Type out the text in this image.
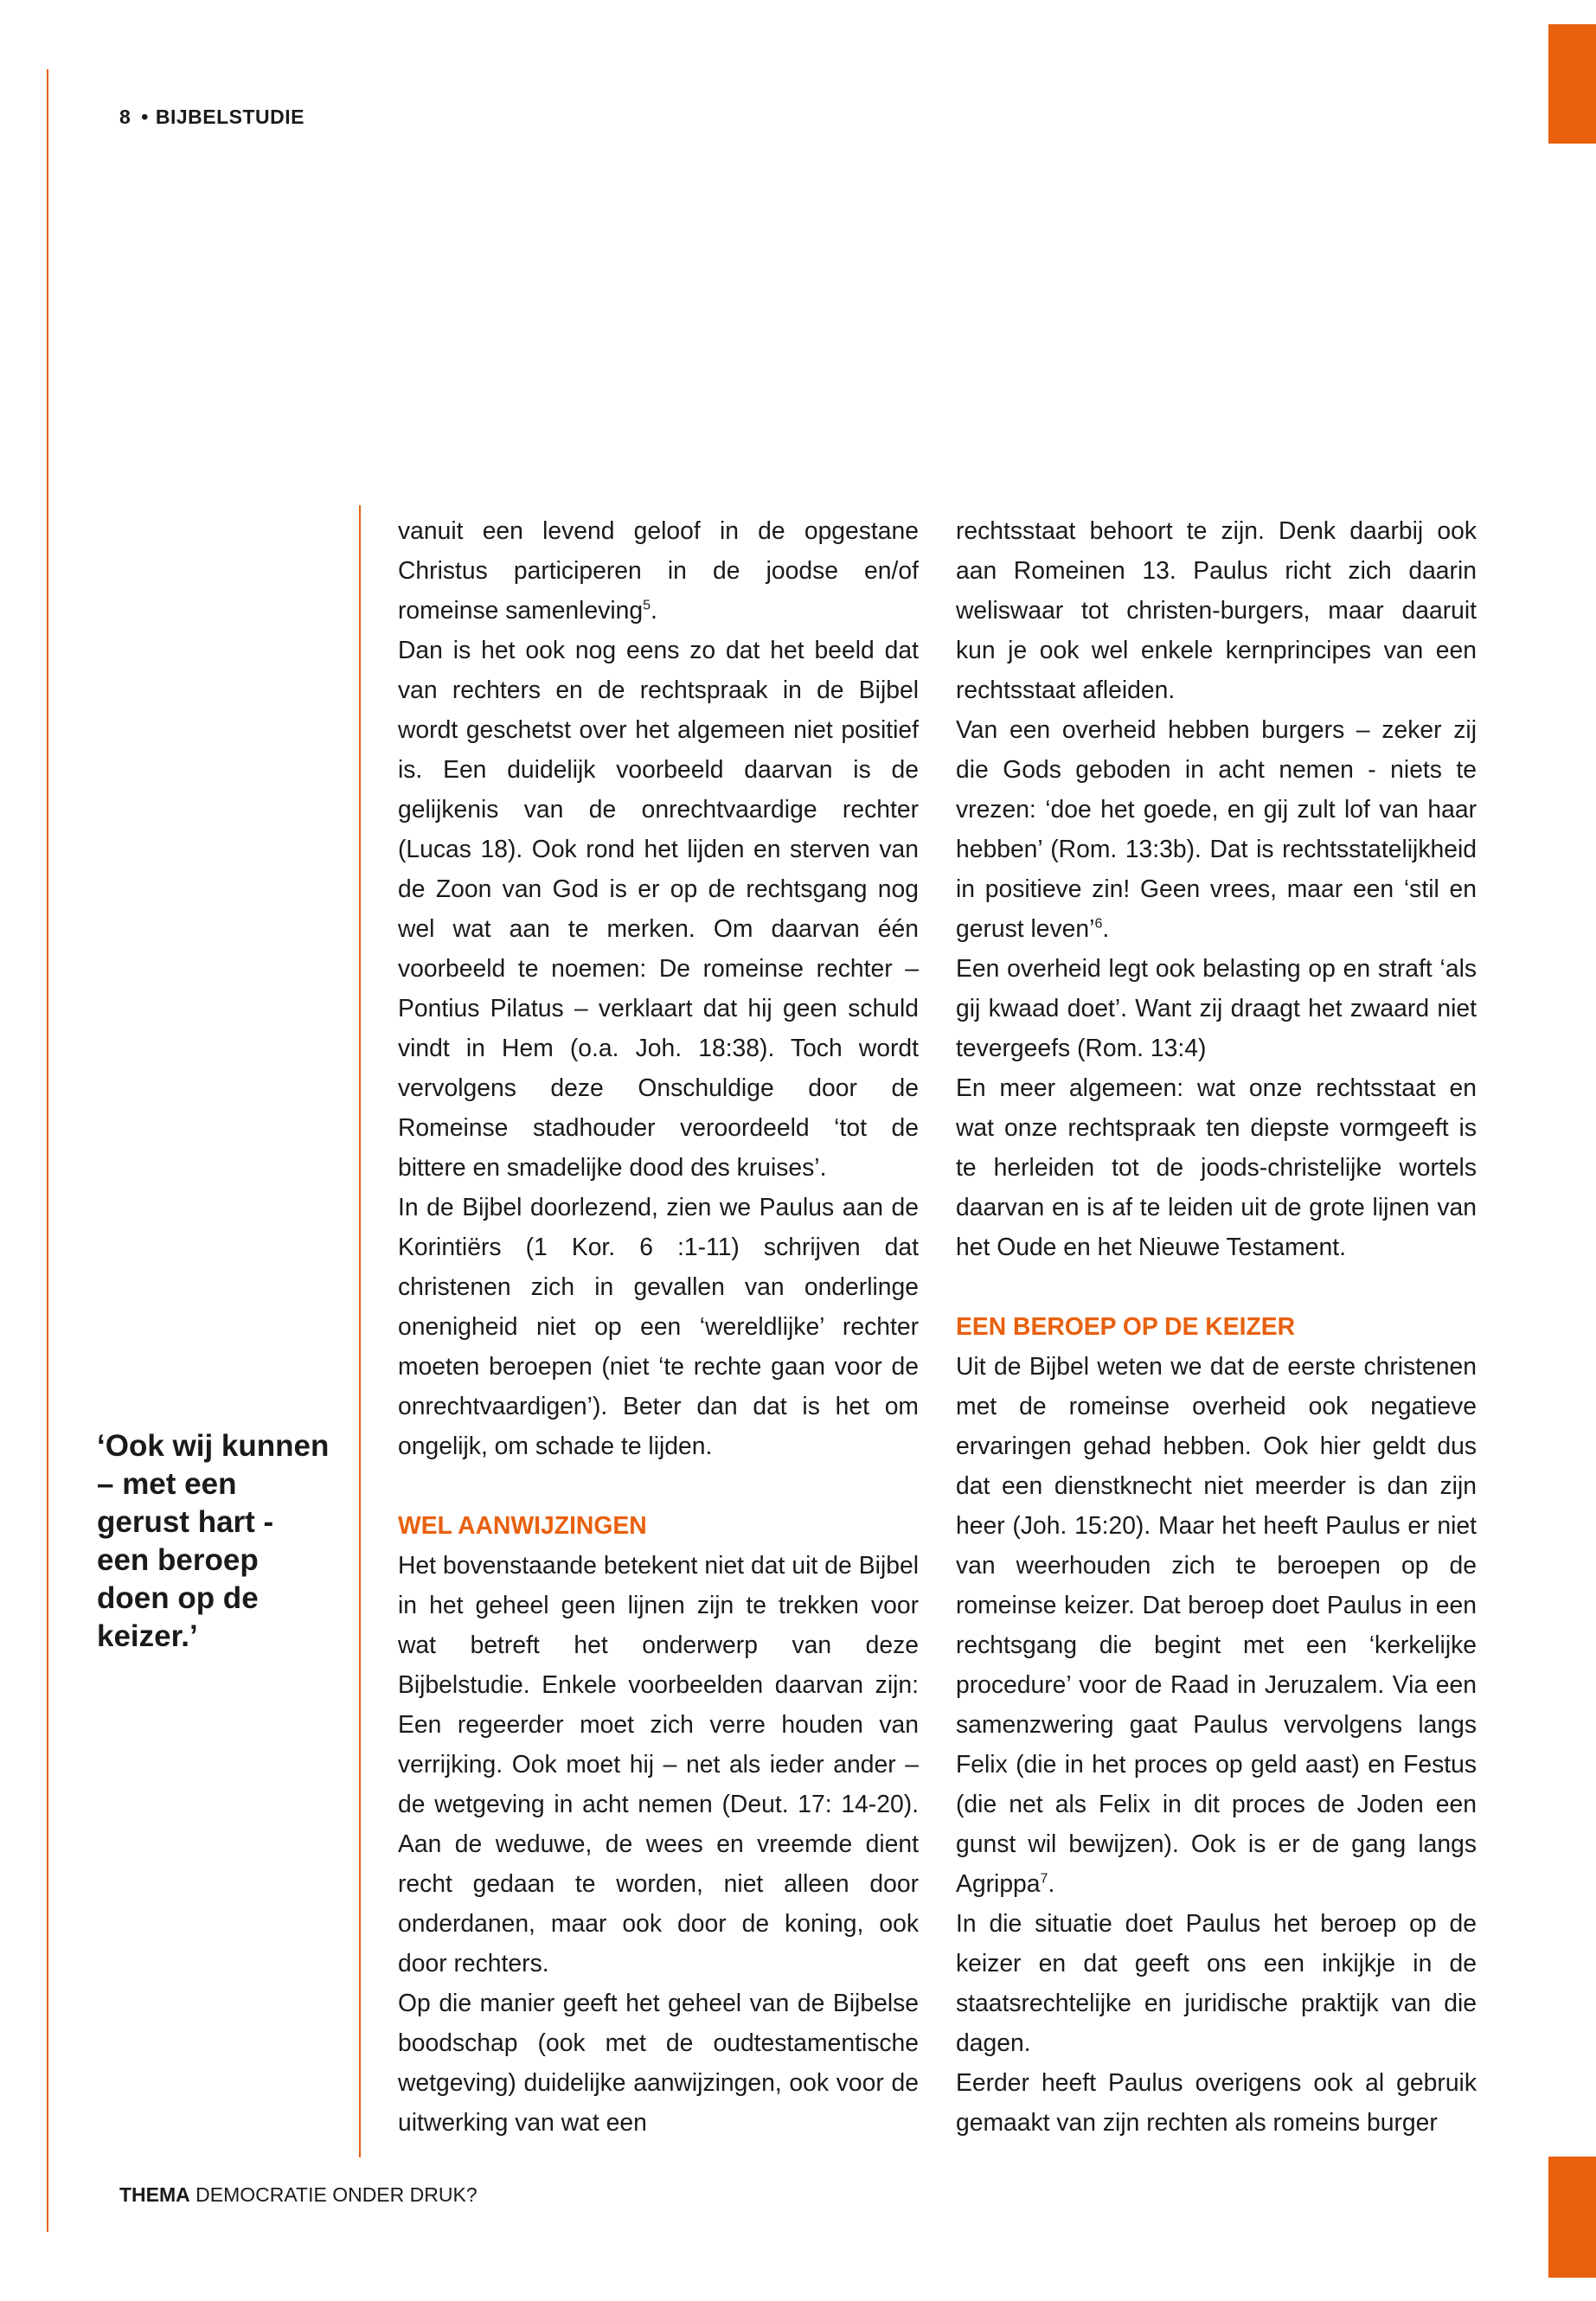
8 • BIJBELSTUDIE
‘Ook wij kunnen – met een gerust hart - een beroep doen op de keizer.’

vanuit een levend geloof in de opgestane Christus participeren in de joodse en/of romeinse samenleving$^5$.

Dan is het ook nog eens zo dat het beeld dat van rechters en de rechtspraak in de Bijbel wordt geschetst over het algemeen niet positief is. Een duidelijk voorbeeld daarvan is de gelijkenis van de onrechtvaardige rechter (Lucas 18). Ook rond het lijden en sterven van de Zoon van God is er op de rechtsgang nog wel wat aan te merken. Om daarvan één voorbeeld te noemen: De romeinse rechter – Pontius Pilatus – verklaart dat hij geen schuld vindt in Hem (o.a. Joh. 18:38). Toch wordt vervolgens deze Onschuldige door de Romeinse stadhouder veroordeeld ‘tot de bittere en smadelijke dood des kruises’.

In de Bijbel doorlezend, zien we Paulus aan de Korintiërs (1 Kor. 6 :1-11) schrijven dat christenen zich in gevallen van onderlinge onenigheid niet op een ‘wereldlijke’ rechter moeten beroepen (niet ‘te rechte gaan voor de onrechtvaardigen’). Beter dan dat is het om ongelijk, om schade te lijden.

WEL AANWIJZINGEN

Het bovenstaande betekent niet dat uit de Bijbel in het geheel geen lijnen zijn te trekken voor wat betreft het onderwerp van deze Bijbelstudie. Enkele voorbeelden daarvan zijn: Een regeerder moet zich verre houden van verrijking. Ook moet hij – net als ieder ander –de wetgeving in acht nemen (Deut. 17: 14-20). Aan de weduwe, de wees en vreemde dient recht gedaan te worden, niet alleen door onderdanen, maar ook door de koning, ook door rechters.

Op die manier geeft het geheel van de Bijbelse boodschap (ook met de oudtestamentische wetgeving) duidelijke aanwijzingen, ook voor de uitwerking van wat een

rechtsstaat behoort te zijn. Denk daarbij ook aan Romeinen 13. Paulus richt zich daarin weliswaar tot christen-burgers, maar daaruit kun je ook wel enkele kernprincipes van een rechtsstaat afleiden.

Van een overheid hebben burgers – zeker zij die Gods geboden in acht nemen - niets te vrezen: ‘doe het goede, en gij zult lof van haar hebben’ (Rom. 13:3b). Dat is rechtsstatelijkheid in positieve zin! Geen vrees, maar een ‘stil en gerust leven’$^6$.

Een overheid legt ook belasting op en straft ‘als gij kwaad doet’. Want zij draagt het zwaard niet tevergeefs (Rom. 13:4)

En meer algemeen: wat onze rechtsstaat en wat onze rechtspraak ten diepste vormgeeft is te herleiden tot de joods-christelijke wortels daarvan en is af te leiden uit de grote lijnen van het Oude en het Nieuwe Testament.

EEN BEROEP OP DE KEIZER

Uit de Bijbel weten we dat de eerste christenen met de romeinse overheid ook negatieve ervaringen gehad hebben. Ook hier geldt dus dat een dienstknecht niet meerder is dan zijn heer (Joh. 15:20). Maar het heeft Paulus er niet van weerhouden zich te beroepen op de romeinse keizer. Dat beroep doet Paulus in een rechtsgang die begint met een ‘kerkelijke procedure’ voor de Raad in Jeruzalem. Via een samenzwering gaat Paulus vervolgens langs Felix (die in het proces op geld aast) en Festus (die net als Felix in dit proces de Joden een gunst wil bewijzen). Ook is er de gang langs Agrippa$^7$.

In die situatie doet Paulus het beroep op de keizer en dat geeft ons een inkijkje in de staatsrechtelijke en juridische praktijk van die dagen.

Eerder heeft Paulus overigens ook al gebruik gemaakt van zijn rechten als romeins burger

THEMA DEMOCRATIE ONDER DRUK?
